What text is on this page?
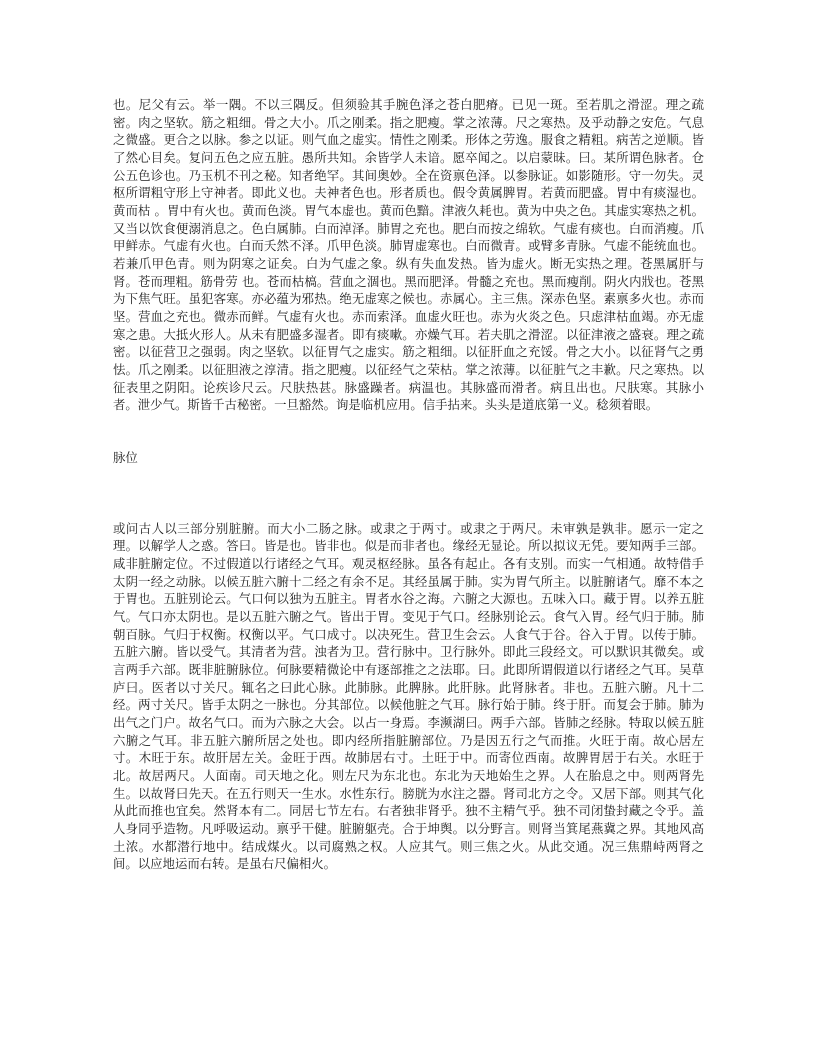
也。尼父有云。举一隅。不以三隅反。但须验其手腕色泽之苍白肥瘠。已见一斑。至若肌之滑涩。理之疏密。肉之坚软。筋之粗细。骨之大小。爪之刚柔。指之肥瘦。掌之浓薄。尺之寒热。及乎动静之安危。气息之微盛。更合之以脉。参之以证。则气血之虚实。情性之刚柔。形体之劳逸。服食之精粗。病苦之逆顺。皆了然心目矣。复问五色之应五脏。愚所共知。余皆学人未谙。愿卒闻之。以启蒙昧。曰。某所谓色脉者。仓公五色诊也。乃玉机不刊之秘。知者绝罕。其间奥妙。全在资禀色泽。以参脉证。如影随形。守一勿失。灵枢所谓粗守形上守神者。即此义也。夫神者色也。形者质也。假令黄属脾胃。若黄而肥盛。胃中有痰湿也。黄而枯 。胃中有火也。黄而色淡。胃气本虚也。黄而色黯。津液久耗也。黄为中央之色。其虚实寒热之机。又当以饮食便溺消息之。色白属肺。白而淖泽。肺胃之充也。肥白而按之绵软。气虚有痰也。白而消瘦。爪甲鲜赤。气虚有火也。白而夭然不泽。爪甲色淡。肺胃虚寒也。白而微青。或臂多青脉。气虚不能统血也。若兼爪甲色青。则为阴寒之证矣。白为气虚之象。纵有失血发热。皆为虚火。断无实热之理。苍黑属肝与肾。苍而理粗。筋骨劳 也。苍而枯槁。营血之涸也。黑而肥泽。骨髓之充也。黑而瘦削。阴火内戕也。苍黑为下焦气旺。虽犯客寒。亦必蕴为邪热。绝无虚寒之候也。赤属心。主三焦。深赤色坚。素禀多火也。赤而 坚。营血之充也。微赤而鲜。气虚有火也。赤而索泽。血虚火旺也。赤为火炎之色。只虑津枯血竭。亦无虚寒之患。大抵火形人。从未有肥盛多湿者。即有痰嗽。亦燥气耳。若夫肌之滑涩。以征津液之盛衰。理之疏密。以征营卫之强弱。肉之坚软。以征胃气之虚实。筋之粗细。以征肝血之充馁。骨之大小。以征肾气之勇怯。爪之刚柔。以征胆液之淳清。指之肥瘦。以征经气之荣枯。掌之浓薄。以征脏气之丰歉。尺之寒热。以征表里之阴阳。论疾诊尺云。尺肤热甚。脉盛躁者。病温也。其脉盛而滑者。病且出也。尺肤寒。其脉小者。泄少气。斯皆千古秘密。一旦豁然。询是临机应用。信手拈来。头头是道底第一义。稔须着眼。

脉位

或问古人以三部分别脏腑。而大小二肠之脉。或隶之于两寸。或隶之于两尺。未审孰是孰非。愿示一定之理。以解学人之惑。答曰。皆是也。皆非也。似是而非者也。缘经无显论。所以拟议无凭。要知两手三部。咸非脏腑定位。不过假道以行诸经之气耳。观灵枢经脉。虽各有起止。各有支别。而实一气相通。故特借手太阴一经之动脉。以候五脏六腑十二经之有余不足。其经虽属于肺。实为胃气所主。以脏腑诸气。靡不本之于胃也。五脏别论云。气口何以独为五脏主。胃者水谷之海。六腑之大源也。五味入口。藏于胃。以养五脏气。气口亦太阴也。是以五脏六腑之气。皆出于胃。变见于气口。经脉别论云。食气入胃。经气归于肺。肺朝百脉。气归于权衡。权衡以平。气口成寸。以决死生。营卫生会云。人食气于谷。谷入于胃。以传于肺。五脏六腑。皆以受气。其清者为营。浊者为卫。营行脉中。卫行脉外。即此三段经文。可以默识其微矣。或言两手六部。既非脏腑脉位。何脉要精微论中有逐部推之之法耶。曰。此即所谓假道以行诸经之气耳。吴草庐曰。医者以寸关尺。辄名之曰此心脉。此肺脉。此脾脉。此肝脉。此肾脉者。非也。五脏六腑。凡十二经。两寸关尺。皆手太阴之一脉也。分其部位。以候他脏之气耳。脉行始于肺。终于肝。而复会于肺。肺为出气之门户。故名气口。而为六脉之大会。以占一身焉。李濒湖曰。两手六部。皆肺之经脉。特取以候五脏六腑之气耳。非五脏六腑所居之处也。即内经所指脏腑部位。乃是因五行之气而推。火旺于南。故心居左寸。木旺于东。故肝居左关。金旺于西。故肺居右寸。土旺于中。而寄位西南。故脾胃居于右关。水旺于北。故居两尺。人面南。司天地之化。则左尺为东北也。东北为天地始生之界。人在胎息之中。则两肾先生。以故肾曰先天。在五行则天一生水。水性东行。膀胱为水注之器。肾司北方之令。又居下部。则其气化从此而推也宜矣。然肾本有二。同居七节左右。右者独非肾乎。独不主精气乎。独不司闭蛰封藏之令乎。盖人身同乎造物。凡呼吸运动。禀乎干健。脏腑躯壳。合于坤舆。以分野言。则肾当箕尾燕冀之界。其地风高土浓。水都潜行地中。结成煤火。以司腐熟之权。人应其气。则三焦之火。从此交通。况三焦鼎峙两肾之间。以应地运而右转。是虽右尺偏相火。
